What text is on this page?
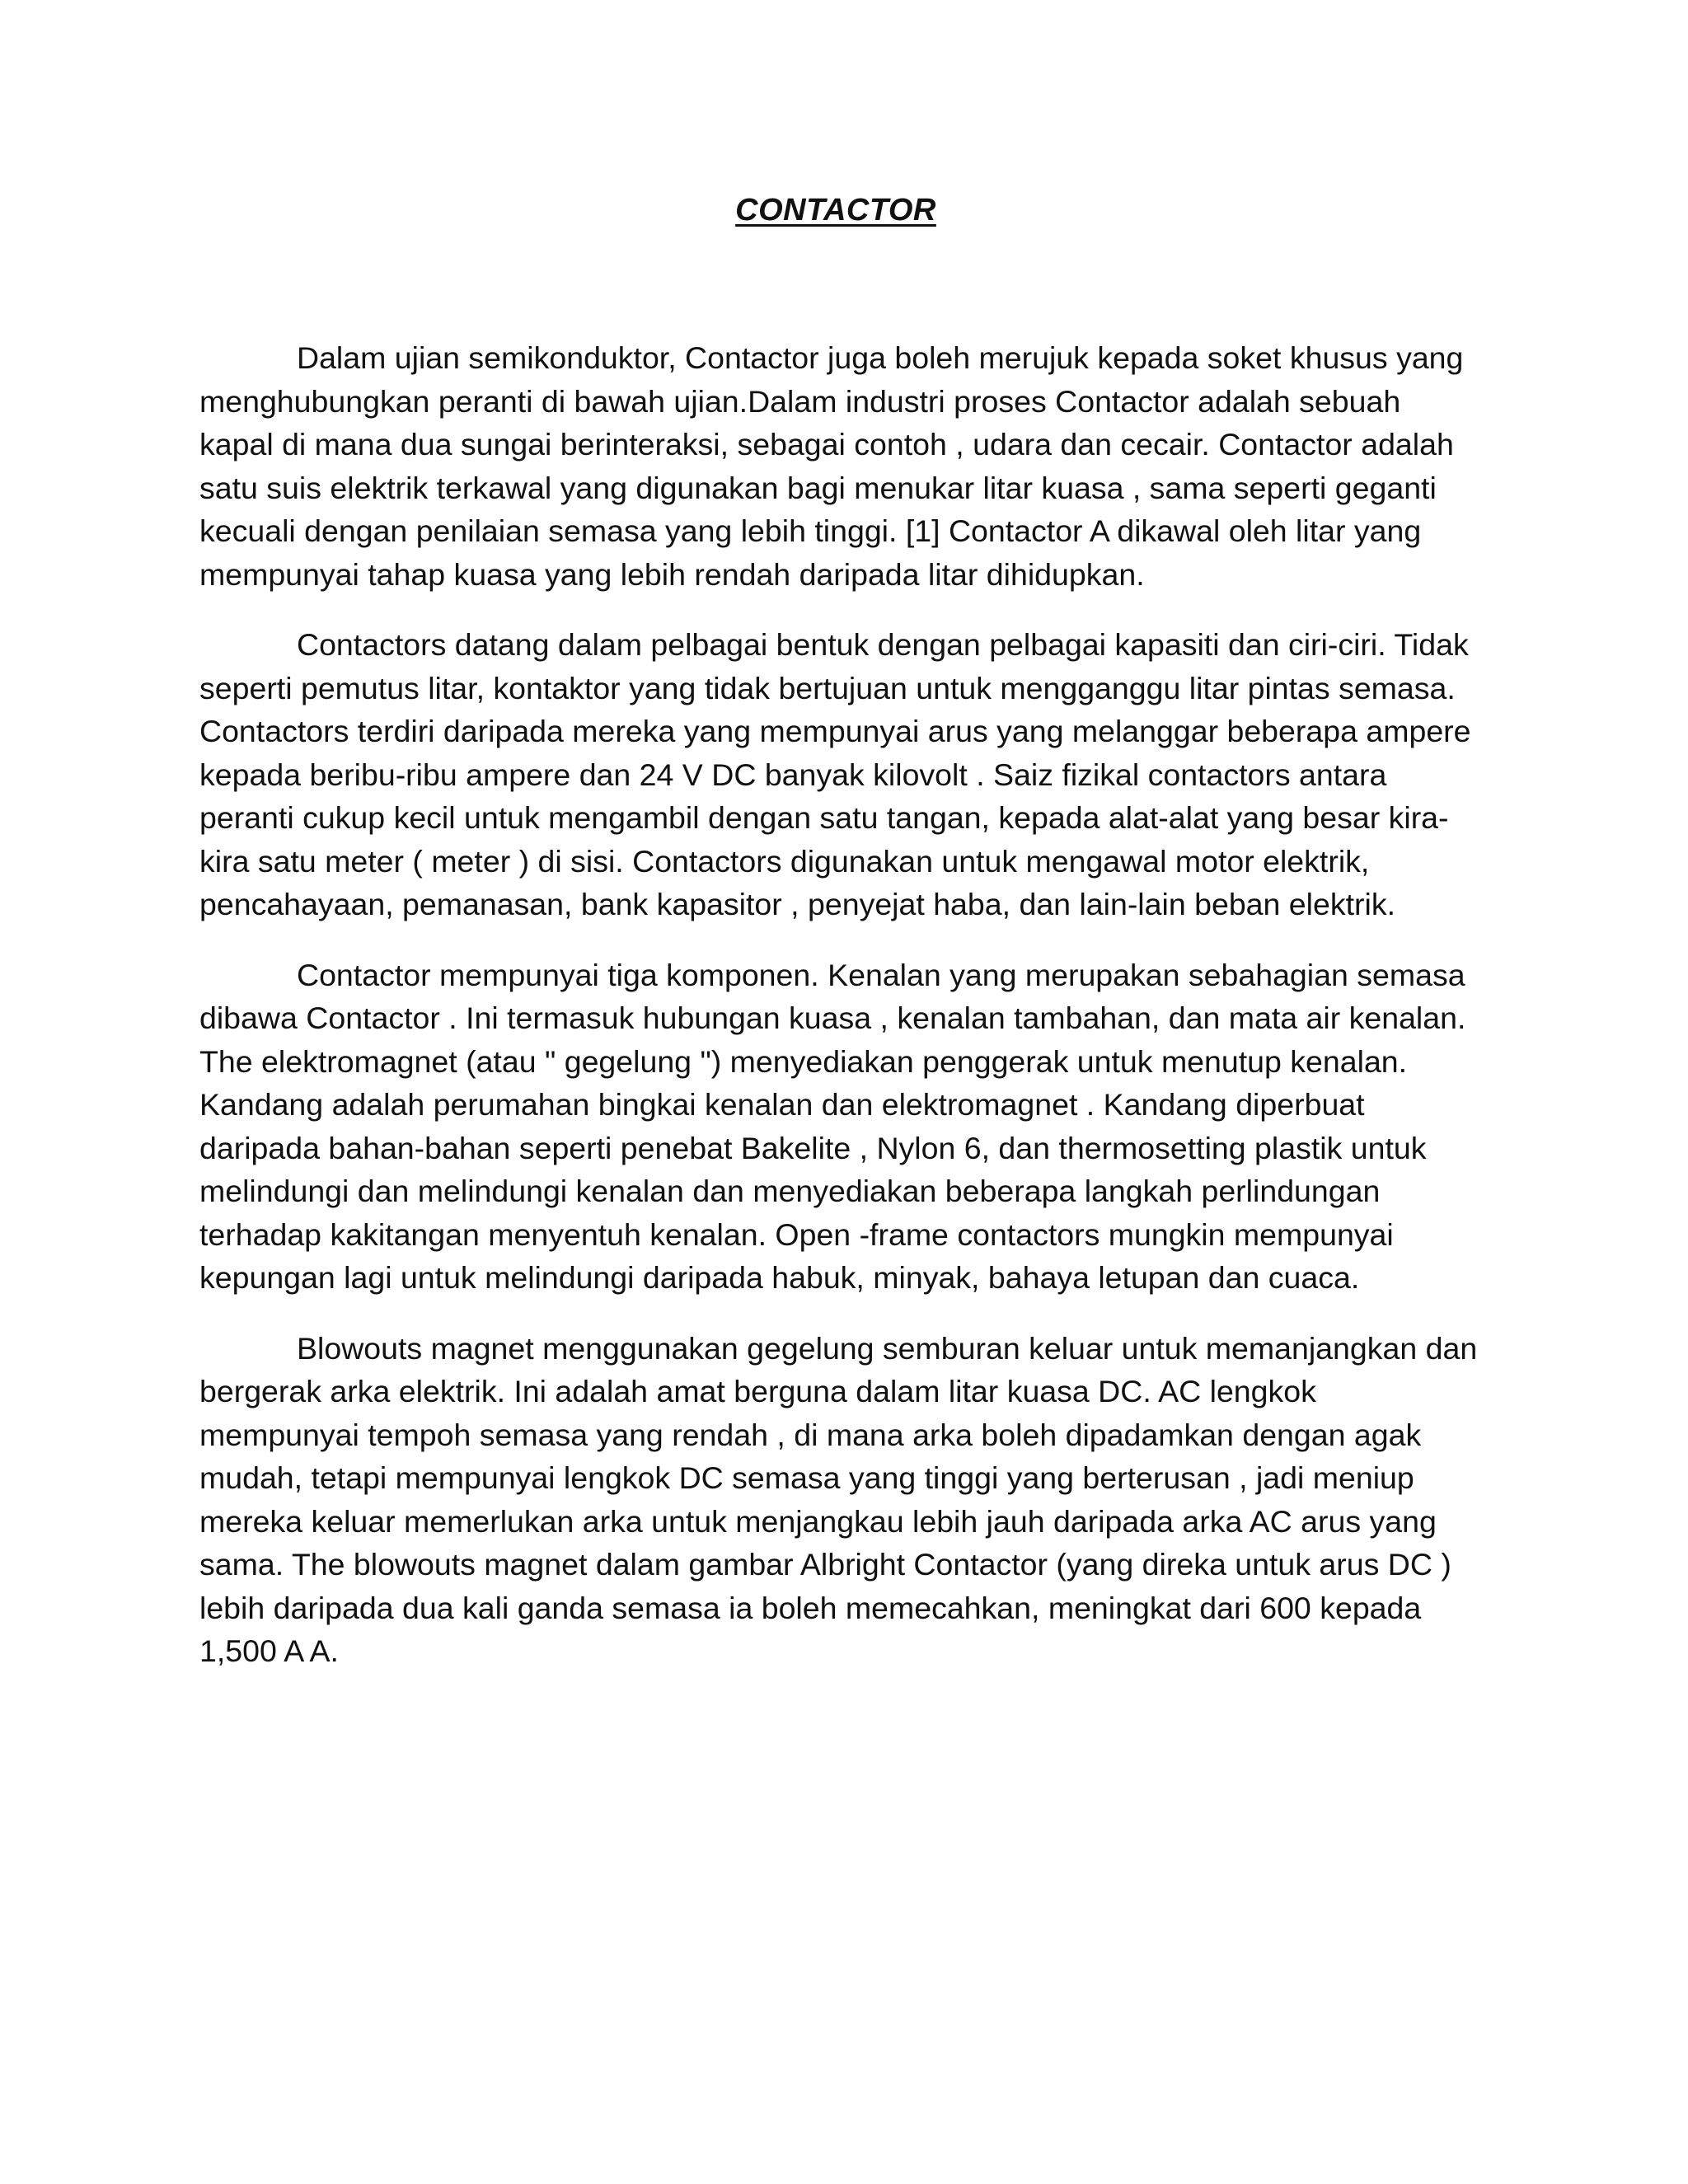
CONTACTOR

Dalam ujian semikonduktor, Contactor juga boleh merujuk kepada soket khusus yang menghubungkan peranti di bawah ujian.Dalam industri proses Contactor adalah sebuah kapal di mana dua sungai berinteraksi, sebagai contoh , udara dan cecair. Contactor adalah satu suis elektrik terkawal yang digunakan bagi menukar litar kuasa , sama seperti geganti kecuali dengan penilaian semasa yang lebih tinggi. [1] Contactor A dikawal oleh litar yang mempunyai tahap kuasa yang lebih rendah daripada litar dihidupkan.

Contactors datang dalam pelbagai bentuk dengan pelbagai kapasiti dan ciri-ciri. Tidak seperti pemutus litar, kontaktor yang tidak bertujuan untuk mengganggu litar pintas semasa. Contactors terdiri daripada mereka yang mempunyai arus yang melanggar beberapa ampere kepada beribu-ribu ampere dan 24 V DC banyak kilovolt . Saiz fizikal contactors antara peranti cukup kecil untuk mengambil dengan satu tangan, kepada alat-alat yang besar kira-kira satu meter ( meter ) di sisi. Contactors digunakan untuk mengawal motor elektrik, pencahayaan, pemanasan, bank kapasitor , penyejat haba, dan lain-lain beban elektrik.

Contactor mempunyai tiga komponen. Kenalan yang merupakan sebahagian semasa dibawa Contactor . Ini termasuk hubungan kuasa , kenalan tambahan, dan mata air kenalan. The elektromagnet (atau " gegelung ") menyediakan penggerak untuk menutup kenalan. Kandang adalah perumahan bingkai kenalan dan elektromagnet . Kandang diperbuat daripada bahan-bahan seperti penebat Bakelite , Nylon 6, dan thermosetting plastik untuk melindungi dan melindungi kenalan dan menyediakan beberapa langkah perlindungan terhadap kakitangan menyentuh kenalan. Open -frame contactors mungkin mempunyai kepungan lagi untuk melindungi daripada habuk, minyak, bahaya letupan dan cuaca.

Blowouts magnet menggunakan gegelung semburan keluar untuk memanjangkan dan bergerak arka elektrik. Ini adalah amat berguna dalam litar kuasa DC. AC lengkok mempunyai tempoh semasa yang rendah , di mana arka boleh dipadamkan dengan agak mudah, tetapi mempunyai lengkok DC semasa yang tinggi yang berterusan , jadi meniup mereka keluar memerlukan arka untuk menjangkau lebih jauh daripada arka AC arus yang sama. The blowouts magnet dalam gambar Albright Contactor (yang direka untuk arus DC ) lebih daripada dua kali ganda semasa ia boleh memecahkan, meningkat dari 600 kepada 1,500 A A.
